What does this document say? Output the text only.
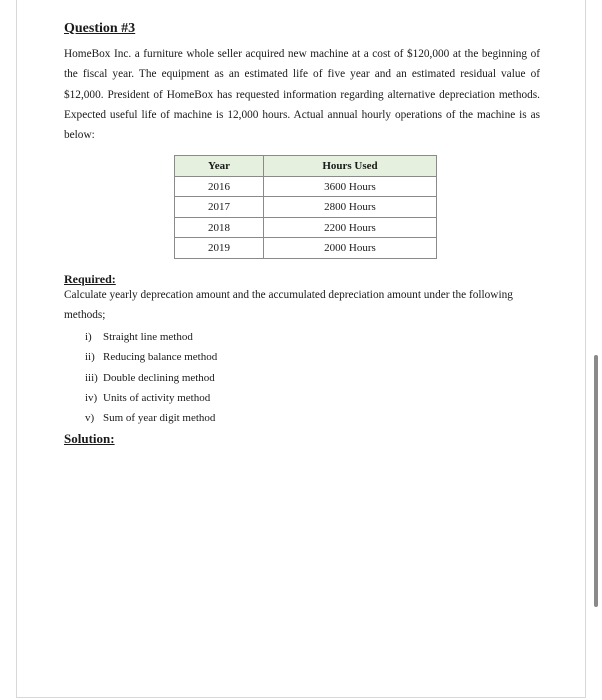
Question #3

HomeBox Inc. a furniture whole seller acquired new machine at a cost of $120,000 at the beginning of the fiscal year. The equipment as an estimated life of five year and an estimated residual value of $12,000. President of HomeBox has requested information regarding alternative depreciation methods. Expected useful life of machine is 12,000 hours. Actual annual hourly operations of the machine is as below:

Year	Hours Used
2016	3600 Hours
2017	2800 Hours
2018	2200 Hours
2019	2000 Hours
Required:

Calculate yearly deprecation amount and the accumulated depreciation amount under the following methods;

i) Straight line method
ii) Reducing balance method
iii) Double declining method
iv) Units of activity method
v) Sum of year digit method
Solution:
